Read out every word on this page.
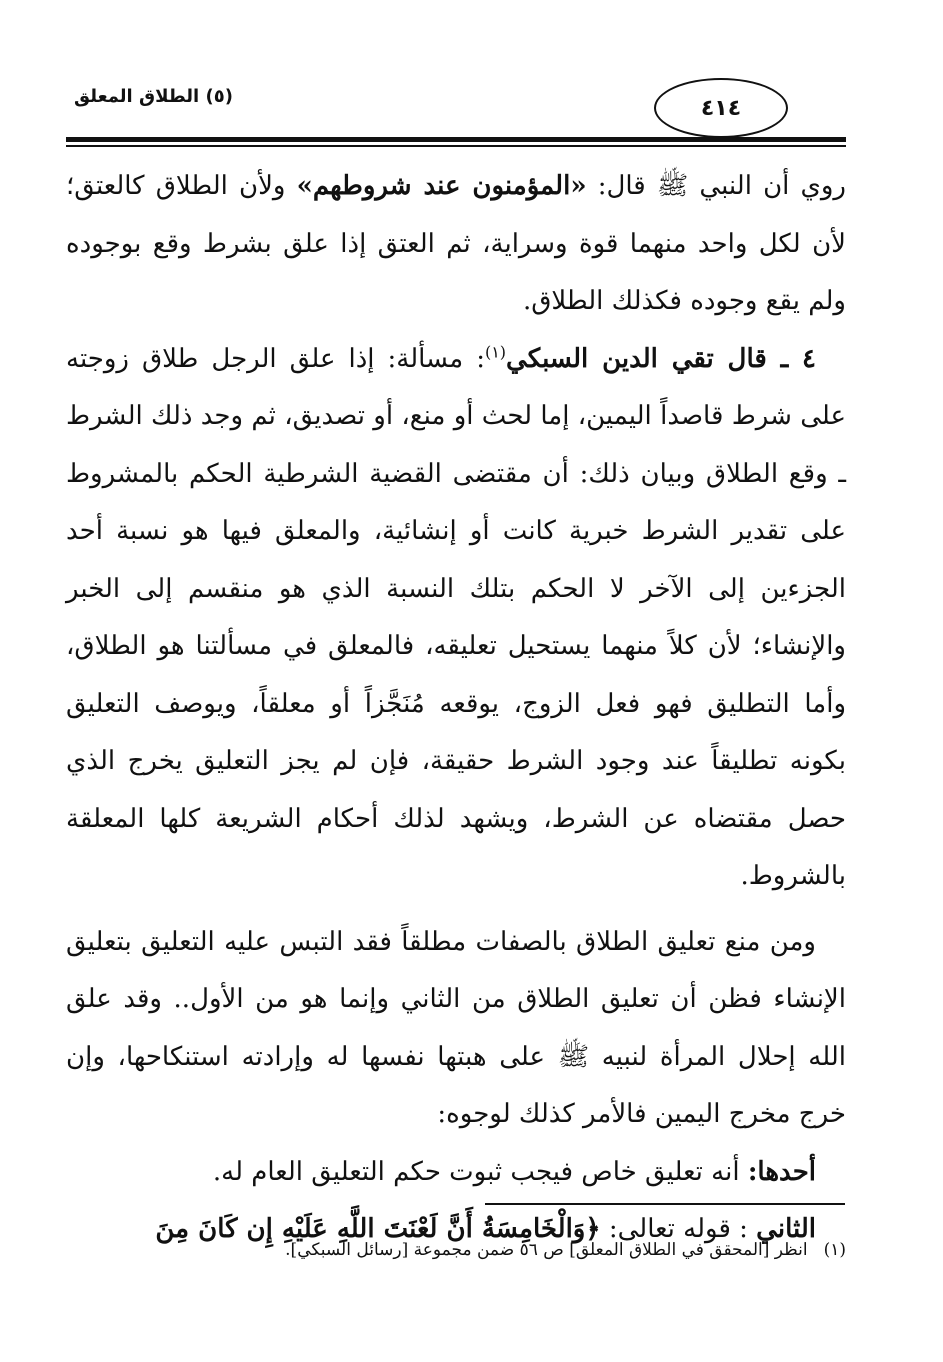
٤١٤
(٥) الطلاق المعلق

روي أن النبي ﷺ قال: «المؤمنون عند شروطهم» ولأن الطلاق كالعتق؛ لأن لكل واحد منهما قوة وسراية، ثم العتق إذا علق بشرط وقع بوجوده ولم يقع وجوده فكذلك الطلاق.

٤ ـ قال تقي الدين السبكي$^{(١)}$: مسألة: إذا علق الرجل طلاق زوجته على شرط قاصداً اليمين، إما لحث أو منع، أو تصديق، ثم وجد ذلك الشرط ـ وقع الطلاق وبيان ذلك: أن مقتضى القضية الشرطية الحكم بالمشروط على تقدير الشرط خبرية كانت أو إنشائية، والمعلق فيها هو نسبة أحد الجزءين إلى الآخر لا الحكم بتلك النسبة الذي هو منقسم إلى الخبر والإنشاء؛ لأن كلاً منهما يستحيل تعليقه، فالمعلق في مسألتنا هو الطلاق، وأما التطليق فهو فعل الزوج، يوقعه مُنَجَّزاً أو معلقاً، ويوصف التعليق بكونه تطليقاً عند وجود الشرط حقيقة، فإن لم يجز التعليق يخرج الذي حصل مقتضاه عن الشرط، ويشهد لذلك أحكام الشريعة كلها المعلقة بالشروط.

ومن منع تعليق الطلاق بالصفات مطلقاً فقد التبس عليه التعليق بتعليق الإنشاء فظن أن تعليق الطلاق من الثاني وإنما هو من الأول.. وقد علق الله إحلال المرأة لنبيه ﷺ على هبتها نفسها له وإرادته استنكاحها، وإن خرج مخرج اليمين فالأمر كذلك لوجوه:

أحدها: أنه تعليق خاص فيجب ثبوت حكم التعليق العام له.

الثاني : قوله تعالى: ﴿وَالْخَامِسَةُ أَنَّ لَعْنَتَ اللَّهِ عَلَيْهِ إِن كَانَ مِنَ

(١)انظر [المحقق في الطلاق المعلق] ص ٥٦ ضمن مجموعة [رسائل السبكي].
